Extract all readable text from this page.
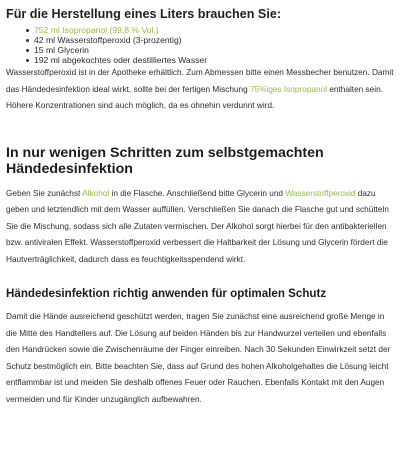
Für die Herstellung eines Liters brauchen Sie:
752 ml Isopropanol (99,8 % Vol.)
42 ml Wasserstoffperoxid (3-prozentig)
15 ml Glycerin
192 ml abgekochtes oder destilliertes Wasser

Wasserstoffperoxid ist in der Apotheke erhältlich. Zum Abmessen bitte einen Messbecher benutzen. Damit das Händedesinfektion ideal wirkt, sollte bei der fertigen Mischung 75%iges Isopropanol enthalten sein. Höhere Konzentrationen sind auch möglich, da es ohnehin verdunnt wird.

In nur wenigen Schritten zum selbstgemachten
Händedesinfektion

Geben Sie zunächst Alkohol in die Flasche. Anschließend bitte Glycerin und Wasserstoffperoxid dazu geben und letztendlich mit dem Wasser auffüllen. Verschließen Sie danach die Flasche gut und schütteln Sie die Mischung, sodass sich alle Zutaten vermischen. Der Alkohol sorgt hierbei für den antibakteriellen bzw. antiviralen Effekt. Wasserstoffperoxid verbessert die Haltbarkeit der Lösung und Glycerin fördert die Hautverträglichkeit, dadurch dass es feuchtigkeitsspendend wirkt.

Händedesinfektion richtig anwenden für optimalen Schutz

Damit die Hände ausreichend geschützt werden, tragen Sie zunächst eine ausreichend große Menge in die Mitte des Handtellers auf. Die Lösung auf beiden Händen bis zur Handwurzel verteilen und ebenfalls den Handrücken sowie die Zwischenräume der Finger einreiben. Nach 30 Sekunden Einwirkzeit setzt der Schutz bestmöglich ein. Bitte beachten Sie, dass auf Grund des hohen Alkoholgehaltes die Lösung leicht entflammbar ist und meiden Sie deshalb offenes Feuer oder Rauchen. Ebenfalls Kontakt mit den Augen vermeiden und für Kinder unzugänglich aufbewahren.
